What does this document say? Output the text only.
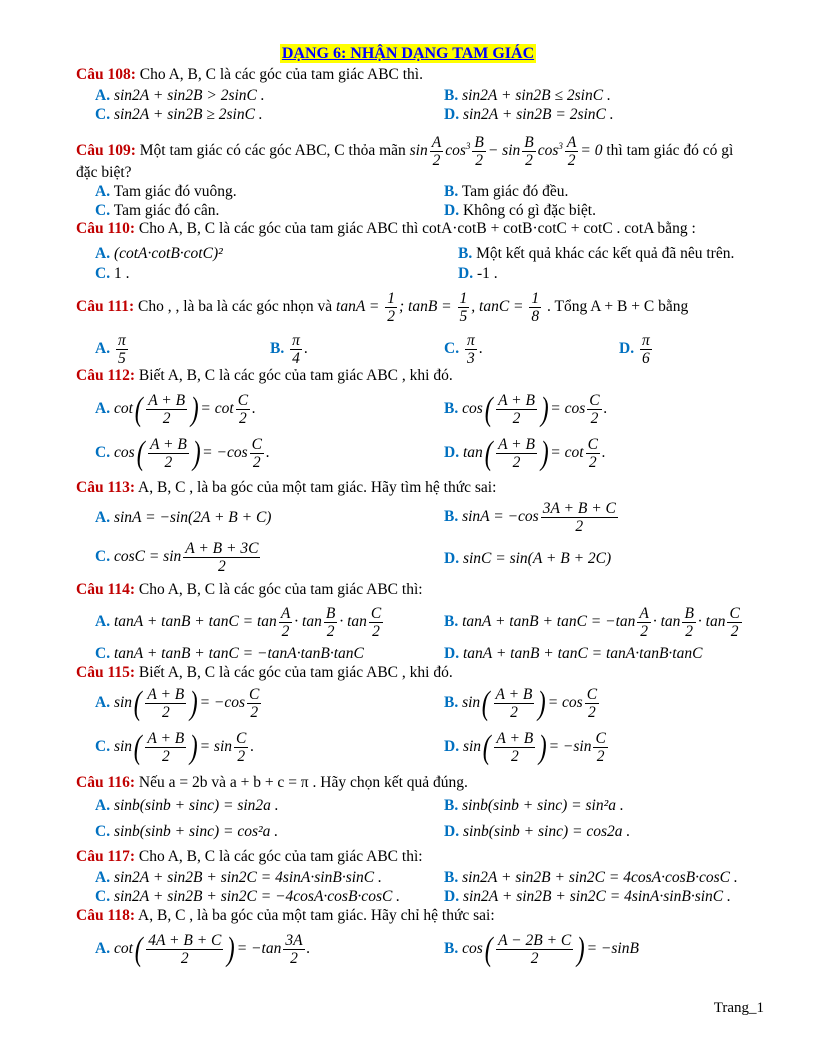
DẠNG 6: NHẬN DẠNG TAM GIÁC
Câu 108: Cho A, B, C là các góc của tam giác ABC thì.
A. sin2A + sin2B > 2sinC .	B. sin2A + sin2B ≤ 2sinC .
C. sin2A + sin2B ≥ 2sinC .	D. sin2A + sin2B = 2sinC .
Câu 109: Một tam giác có các góc ABC, C thỏa mãn $\sin \frac{A}{2} \cos^3 \frac{B}{2} - \sin \frac{B}{2} \cos^3 \frac{A}{2} = 0$ thì tam giác đó có gì
đặc biệt?
A. Tam giác đó vuông.	B. Tam giác đó đều.
C. Tam giác đó cân.	D. Không có gì đặc biệt.
Câu 110: Cho A, B, C là các góc của tam giác ABC thì cotA·cotB + cotB·cotC + cotC . cotA bằng :
A. (cotA·cotB·cotC)²	B. Một kết quả khác các kết quả đã nêu trên.
C. 1 .	D. -1 .
Câu 111: Cho , , là ba là các góc nhọn và $\tan A = \frac{1}{2}$ ; $\tan B = \frac{1}{5}$ , $\tan C = \frac{1}{8}$ . Tổng A + B + C bằng
A. $\frac{\pi}{5}$	B. $\frac{\pi}{4}$ .	C. $\frac{\pi}{3}$ .	D. $\frac{\pi}{6}$
Câu 112: Biết A, B, C là các góc của tam giác ABC , khi đó.
A. $\cot( \frac{A + B}{2}$ ) = $\cot \frac{C}{2}$ .	B. $\cos( \frac{A + B}{2}$ ) = $\cos \frac{C}{2}$ .
C. $\cos( \frac{A + B}{2}$ ) = $-\cos \frac{C}{2}$ .	D. $\tan( \frac{A + B}{2}$ ) = $\cot \frac{C}{2}$ .
Câu 113: A, B, C , là ba góc của một tam giác. Hãy tìm hệ thức sai:
A. sinA = −sin(2A + B + C)	B. $\sin A = -\cos \frac{3A + B + C}{2}$
C. $\cos C = \sin \frac{A + B + 3C}{2}$	D. sinC = sin(A + B + 2C)
Câu 114: Cho A, B, C là các góc của tam giác ABC thì:
A. $\tan A + \tan B + \tan C = \tan \frac{A}{2} \cdot \tan \frac{B}{2} \cdot \tan \frac{C}{2}$	B. $\tan A + \tan B + \tan C = -\tan \frac{A}{2} \cdot \tan \frac{B}{2} \cdot \tan \frac{C}{2}$
C. tanA + tanB + tanC = −tanA·tanB·tanC	D. tanA + tanB + tanC = tanA·tanB·tanC
Câu 115: Biết A, B, C là các góc của tam giác ABC , khi đó.
A. $\sin( \frac{A + B}{2}$ ) = $-\cos \frac{C}{2}$	B. $\sin( \frac{A + B}{2}$ ) = $\cos \frac{C}{2}$
C. $\sin( \frac{A + B}{2}$ ) = $\sin \frac{C}{2}$ .	D. $\sin( \frac{A + B}{2}$ ) = $-\sin \frac{C}{2}$
Câu 116: Nếu a = 2b và a + b + c = π . Hãy chọn kết quả đúng.
A. sinb(sinb + sinc) = sin2a .	B. sinb(sinb + sinc) = sin²a .
C. sinb(sinb + sinc) = cos²a .	D. sinb(sinb + sinc) = cos2a .
Câu 117: Cho A, B, C là các góc của tam giác ABC thì:
A. sin2A + sin2B + sin2C = 4sinA·sinB·sinC .	B. sin2A + sin2B + sin2C = 4cosA·cosB·cosC .
C. sin2A + sin2B + sin2C = −4cosA·cosB·cosC .	D. sin2A + sin2B + sin2C = 4sinA·sinB·sinC .
Câu 118: A, B, C , là ba góc của một tam giác. Hãy chỉ hệ thức sai:
A. $\cot( \frac{4A + B + C}{2}$ ) = $-\tan \frac{3A}{2}$ .	B. $\cos( \frac{A - 2B + C}{2}$ ) = −sinB
Trang_1
